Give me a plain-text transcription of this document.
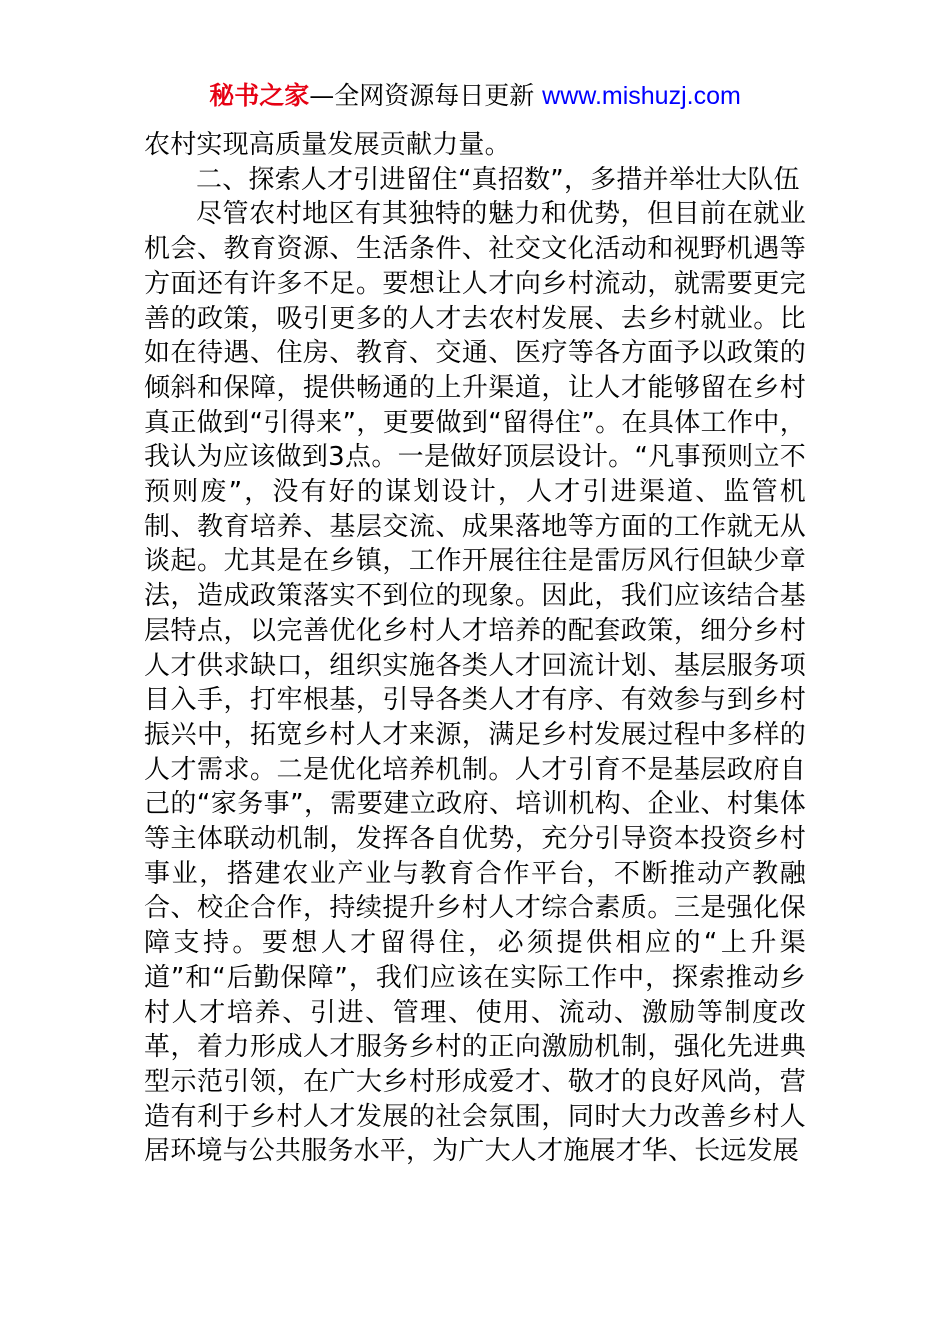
秘书之家—全网资源每日更新 www.mishuzj.com

农村实现高质量发展贡献力量。

二、探索人才引进留住“真招数”，多措并举壮大队伍

尽管农村地区有其独特的魅力和优势，但目前在就业机会、教育资源、生活条件、社交文化活动和视野机遇等方面还有许多不足。要想让人才向乡村流动，就需要更完善的政策，吸引更多的人才去农村发展、去乡村就业。比如在待遇、住房、教育、交通、医疗等各方面予以政策的倾斜和保障，提供畅通的上升渠道，让人才能够留在乡村真正做到“引得来”，更要做到“留得住”。在具体工作中，我认为应该做到3点。一是做好顶层设计。“凡事预则立不预则废”，没有好的谋划设计，人才引进渠道、监管机制、教育培养、基层交流、成果落地等方面的工作就无从谈起。尤其是在乡镇，工作开展往往是雷厉风行但缺少章法，造成政策落实不到位的现象。因此，我们应该结合基层特点，以完善优化乡村人才培养的配套政策，细分乡村人才供求缺口，组织实施各类人才回流计划、基层服务项目入手，打牢根基，引导各类人才有序、有效参与到乡村振兴中，拓宽乡村人才来源，满足乡村发展过程中多样的人才需求。二是优化培养机制。人才引育不是基层政府自己的“家务事”，需要建立政府、培训机构、企业、村集体等主体联动机制，发挥各自优势，充分引导资本投资乡村事业，搭建农业产业与教育合作平台，不断推动产教融合、校企合作，持续提升乡村人才综合素质。三是强化保障支持。要想人才留得住，必须提供相应的“上升渠道”和“后勤保障”，我们应该在实际工作中，探索推动乡村人才培养、引进、管理、使用、流动、激励等制度改革，着力形成人才服务乡村的正向激励机制，强化先进典型示范引领，在广大乡村形成爱才、敬才的良好风尚，营造有利于乡村人才发展的社会氛围，同时大力改善乡村人居环境与公共服务水平，为广大人才施展才华、长远发展
